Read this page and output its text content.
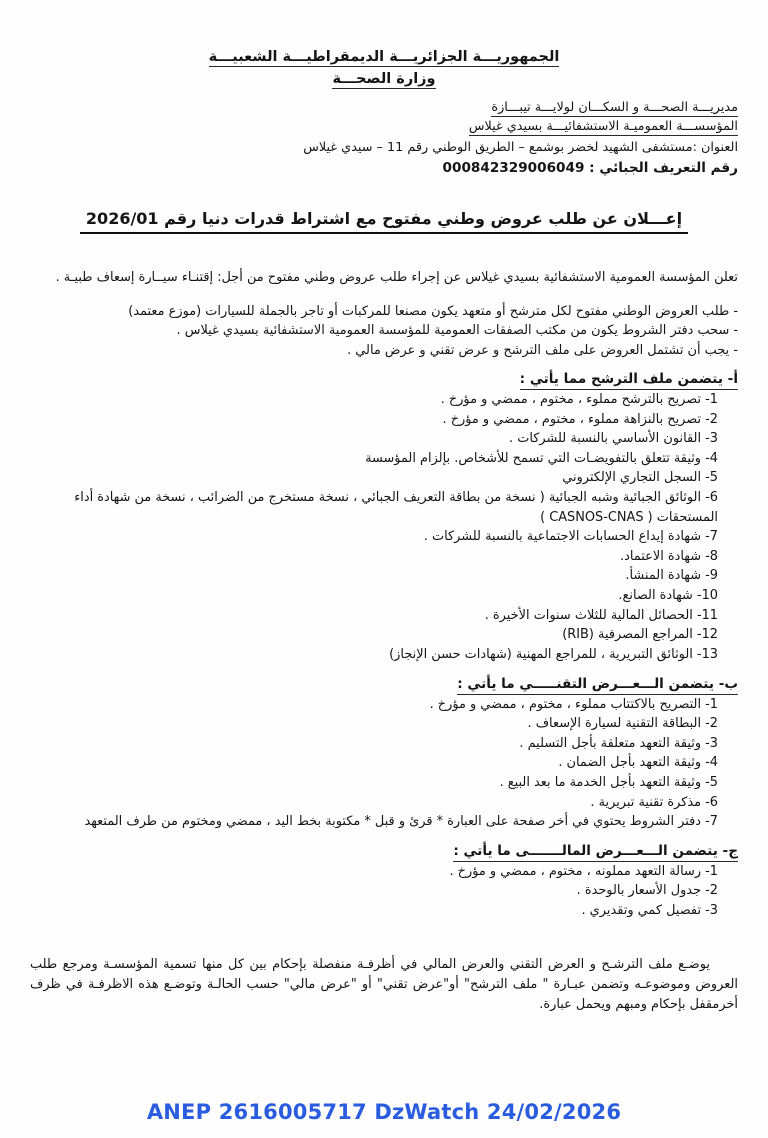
الجمهوريـــة الجزائريـــة الديمقراطيـــة الشعبيـــة
وزارة الصحـــة
مديريـــة الصحـــة و السكـــان لولايـــة تيبـــازة
المؤسســـة العموميـة الاستشفائيـــة بسيدي غيلاس
العنوان :مستشفى الشهيد لخضر بوشمع – الطريق الوطني رقم 11 – سيدي غيلاس
رقم التعريف الجبائي : 000842329006049
إعـــلان عن طلب عروض وطني مفتوح مع اشتراط قدرات دنيا رقم 2026/01

تعلن المؤسسة العمومية الاستشفائية بسيدي غيلاس عن إجراء طلب عروض وطني مفتوح من أجل: إقتنـاء سيــارة إسعاف طبيـة .

- طلب العروض الوطني مفتوح لكل مترشح أو متعهد يكون مصنعا للمركبات أو تاجر بالجملة للسيارات (موزع معتمد)
- سحب دفتر الشروط يكون من مكتب الصفقات العمومية للمؤسسة العمومية الاستشفائية بسيدي غيلاس .
- يجب أن تشتمل العروض على ملف الترشح و عرض تقني و عرض مالي .
أ- يتضمن ملف الترشح مما يأتي :
1- تصريح بالترشح مملوء ، مختوم ، ممضي و مؤرخ .
2- تصريح بالنزاهة مملوء ، مختوم ، ممضي و مؤرخ .
3- القانون الأساسي بالنسبة للشركات .
4- وثيقة تتعلق بالتفويضـات التي تسمح للأشخاص. بإلزام المؤسسة
5- السجل التجاري الإلكتروني
6- الوثائق الجبائية وشبه الجبائية ( نسخة من بطاقة التعريف الجبائي ، نسخة مستخرج من الضرائب ، نسخة من شهادة أداء المستحقات ( CASNOS-CNAS )
7- شهادة إيداع الحسابات الاجتماعية بالنسبة للشركات .
8- شهادة الاعتماد.
9- شهادة المنشأ.
10- شهادة الصانع.
11- الحصائل المالية للثلاث سنوات الأخيرة .
12- المراجع المصرفية (RIB)
13- الوثائق التبريرية ، للمراجع المهنية (شهادات حسن الإنجاز)
ب- يتضمن الـــعـــرض التقنـــــي ما يأتي :
1- التصريح بالاكتتاب مملوء ، مختوم ، ممضي و مؤرخ .
2- البطاقة التقنية لسيارة الإسعاف .
3- وثيقة التعهد متعلقة بأجل التسليم .
4- وثيقة التعهد بأجل الضمان .
5- وثيقة التعهد بأجل الخدمة ما بعد البيع .
6- مذكرة تقنية تبريرية .
7- دفتر الشروط يحتوي في أخر صفحة على العبارة * قرئ و قبل * مكتوبة بخط اليد ، ممضي ومختوم من طرف المتعهد
ج- يتضمن الـــعـــرض المالـــــــى ما يأتي :
1- رسالة التعهد مملونه ، مختوم ، ممضي و مؤرخ .
2- جدول الأسعار بالوحدة .
3- تفصيل كمي وتقديري .

يوضـع ملف الترشـح و العرض التقني والعرض المالي في أظرفـة منفصلة بإحكام بين كل منها تسمية المؤسسـة ومرجع طلب العروض وموضوعـه وتضمن عبـارة " ملف الترشح" أو"عرض تقني" أو "عرض مالي" حسب الحالـة وتوضـع هذه الاظرفـة في ظرف أخرمقفل بإحكام ومبهم ويحمل عبارة.

ANEP 2616005717 DzWatch 24/02/2026
